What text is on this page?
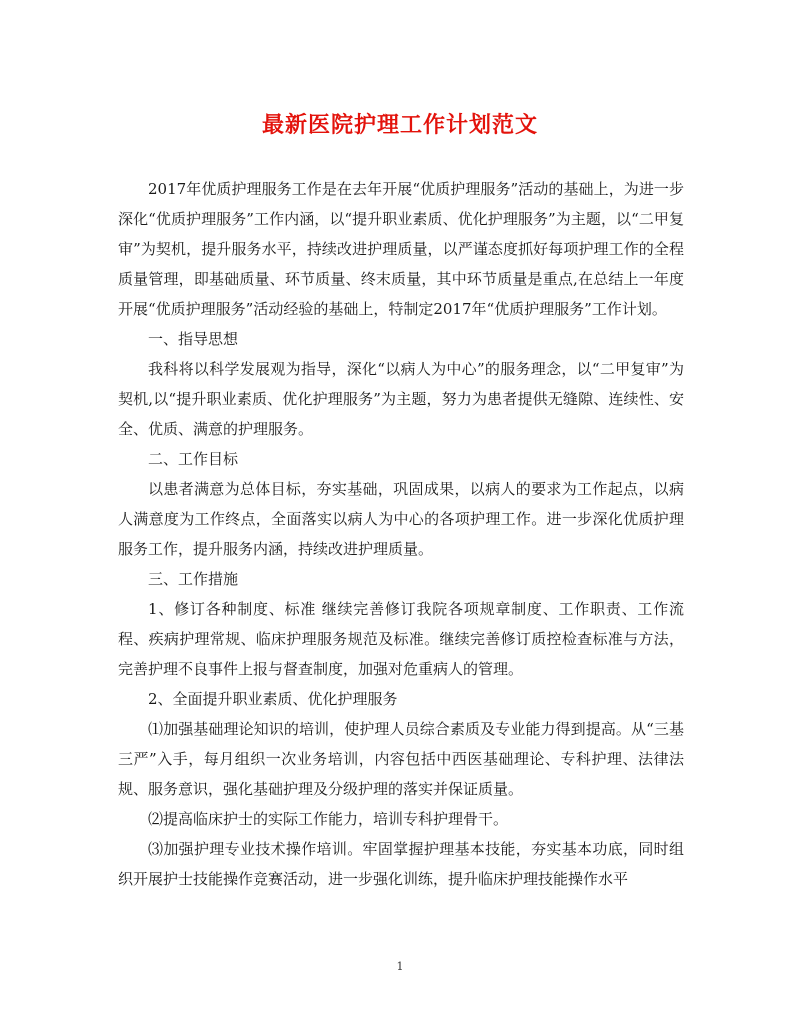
最新医院护理工作计划范文

2017年优质护理服务工作是在去年开展“优质护理服务”活动的基础上，为进一步深化“优质护理服务”工作内涵，以“提升职业素质、优化护理服务”为主题，以“二甲复审”为契机，提升服务水平，持续改进护理质量，以严谨态度抓好每项护理工作的全程质量管理，即基础质量、环节质量、终末质量，其中环节质量是重点,在总结上一年度开展“优质护理服务”活动经验的基础上，特制定2017年“优质护理服务”工作计划。

一、指导思想

我科将以科学发展观为指导，深化“以病人为中心”的服务理念，以“二甲复审”为契机,以“提升职业素质、优化护理服务”为主题，努力为患者提供无缝隙、连续性、安全、优质、满意的护理服务。

二、工作目标

以患者满意为总体目标，夯实基础，巩固成果，以病人的要求为工作起点，以病人满意度为工作终点，全面落实以病人为中心的各项护理工作。进一步深化优质护理服务工作，提升服务内涵，持续改进护理质量。

三、工作措施

1、修订各种制度、标准 继续完善修订我院各项规章制度、工作职责、工作流程、疾病护理常规、临床护理服务规范及标准。继续完善修订质控检查标准与方法，完善护理不良事件上报与督查制度，加强对危重病人的管理。

2、全面提升职业素质、优化护理服务

⑴加强基础理论知识的培训，使护理人员综合素质及专业能力得到提高。从“三基三严”入手，每月组织一次业务培训，内容包括中西医基础理论、专科护理、法律法规、服务意识，强化基础护理及分级护理的落实并保证质量。

⑵提高临床护士的实际工作能力，培训专科护理骨干。

⑶加强护理专业技术操作培训。牢固掌握护理基本技能，夯实基本功底，同时组织开展护士技能操作竞赛活动，进一步强化训练，提升临床护理技能操作水平

1
